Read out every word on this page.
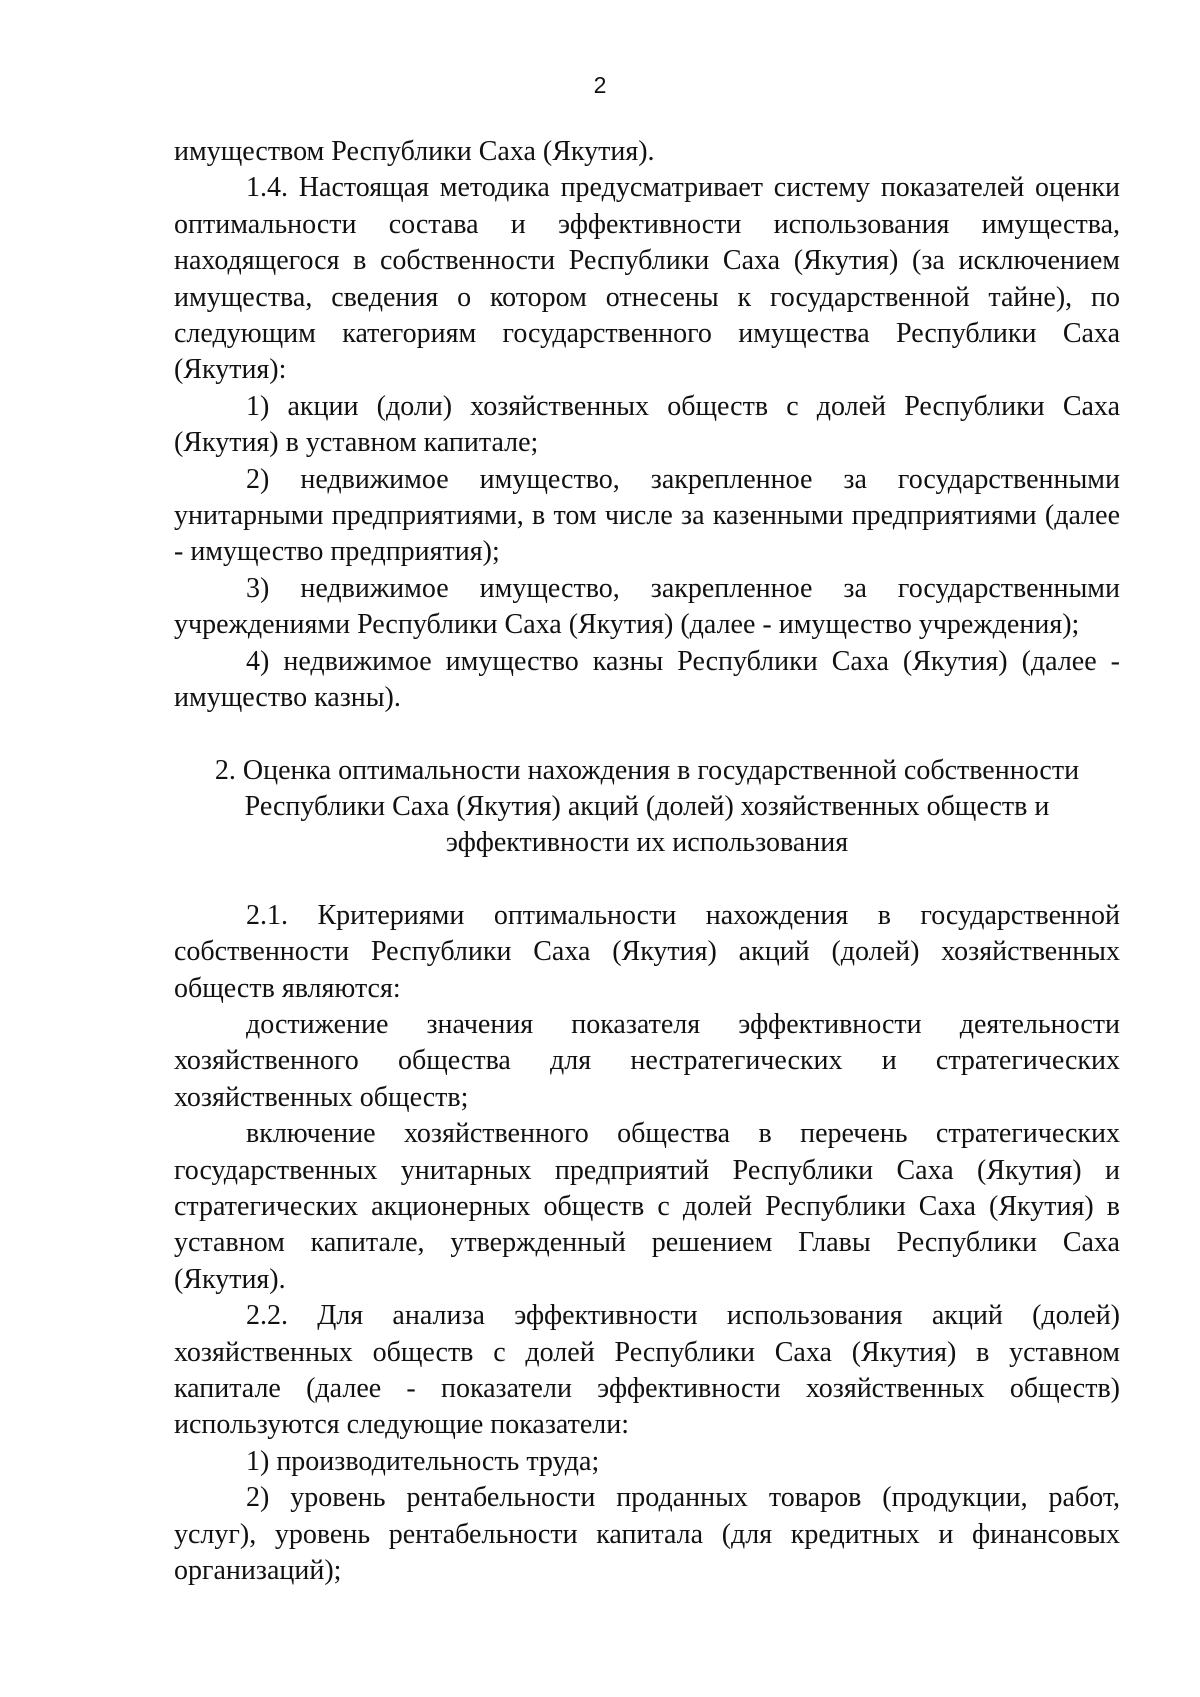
2

имуществом Республики Саха (Якутия).

1.4. Настоящая методика предусматривает систему показателей оценки оптимальности состава и эффективности использования имущества, находящегося в собственности Республики Саха (Якутия) (за исключением имущества, сведения о котором отнесены к государственной тайне), по следующим категориям государственного имущества Республики Саха (Якутия):

1) акции (доли) хозяйственных обществ с долей Республики Саха (Якутия) в уставном капитале;

2) недвижимое имущество, закрепленное за государственными унитарными предприятиями, в том числе за казенными предприятиями (далее - имущество предприятия);

3) недвижимое имущество, закрепленное за государственными учреждениями Республики Саха (Якутия) (далее - имущество учреждения);

4) недвижимое имущество казны Республики Саха (Якутия) (далее - имущество казны).

2. Оценка оптимальности нахождения в государственной собственности
Республики Саха (Якутия) акций (долей) хозяйственных обществ и
эффективности их использования

2.1. Критериями оптимальности нахождения в государственной собственности Республики Саха (Якутия) акций (долей) хозяйственных обществ являются:

достижение значения показателя эффективности деятельности хозяйственного общества для нестратегических и стратегических хозяйственных обществ;

включение хозяйственного общества в перечень стратегических государственных унитарных предприятий Республики Саха (Якутия) и стратегических акционерных обществ с долей Республики Саха (Якутия) в уставном капитале, утвержденный решением Главы Республики Саха (Якутия).

2.2. Для анализа эффективности использования акций (долей) хозяйственных обществ с долей Республики Саха (Якутия) в уставном капитале (далее - показатели эффективности хозяйственных обществ) используются следующие показатели:

1) производительность труда;

2) уровень рентабельности проданных товаров (продукции, работ, услуг), уровень рентабельности капитала (для кредитных и финансовых организаций);
